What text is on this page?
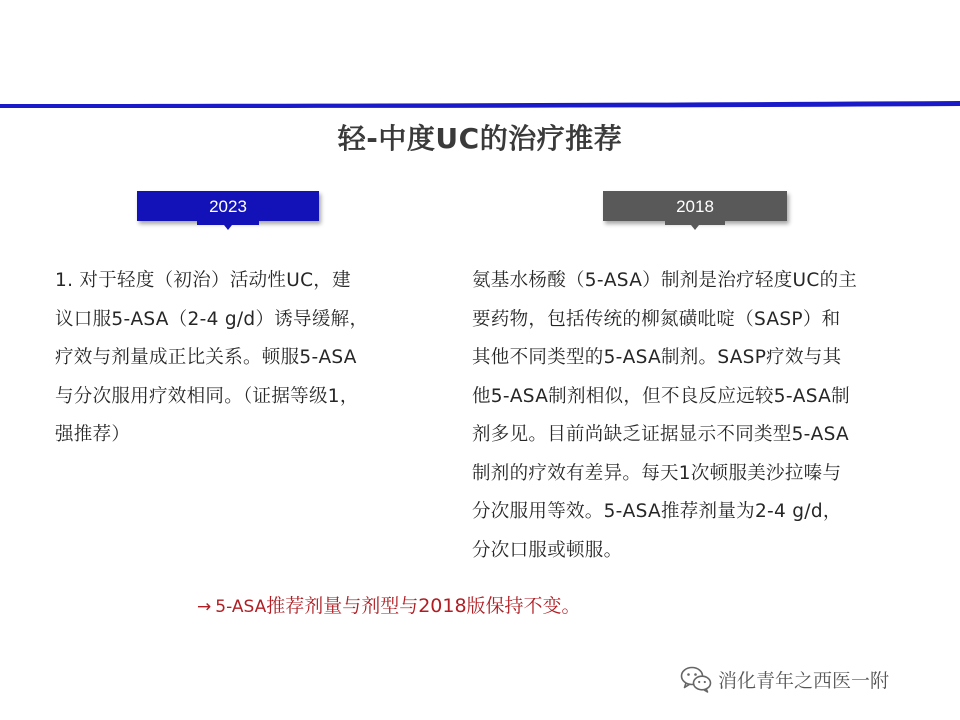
轻-中度UC的治疗推荐
2023	2018
1. 对于轻度（初治）活动性UC，建
议口服5-ASA（2-4 g/d）诱导缓解，
疗效与剂量成正比关系。顿服5-ASA
与分次服用疗效相同。（证据等级1，
强推荐）
氨基水杨酸（5-ASA）制剂是治疗轻度UC的主
要药物，包括传统的柳氮磺吡啶（SASP）和
其他不同类型的5-ASA制剂。SASP疗效与其
他5-ASA制剂相似，但不良反应远较5-ASA制
剂多见。目前尚缺乏证据显示不同类型5-ASA
制剂的疗效有差异。每天1次顿服美沙拉嗪与
分次服用等效。5-ASA推荐剂量为2-4 g/d，
分次口服或顿服。
→ 5-ASA推荐剂量与剂型与2018版保持不变。
消化青年之西医一附
